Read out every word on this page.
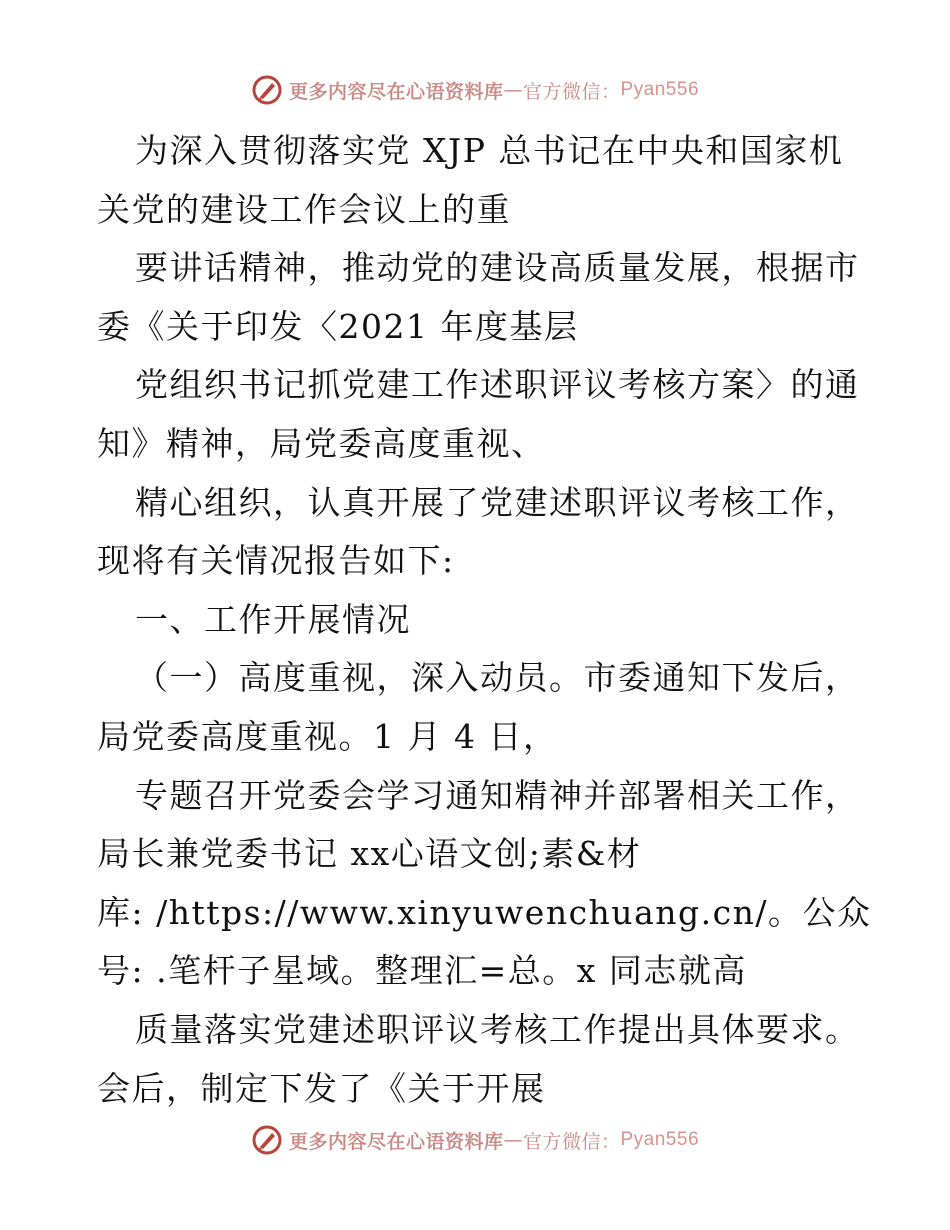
更多内容尽在心语资料库 — 官方微信： Pyan556
为深入贯彻落实党 XJP 总书记在中央和国家机
关党的建设工作会议上的重
要讲话精神，推动党的建设高质量发展，根据市
委《关于印发〈2021 年度基层
党组织书记抓党建工作述职评议考核方案〉的通
知》精神，局党委高度重视、
精心组织，认真开展了党建述职评议考核工作，
现将有关情况报告如下:
一、工作开展情况
（一）高度重视，深入动员。市委通知下发后，
局党委高度重视。1 月 4 日，
专题召开党委会学习通知精神并部署相关工作，
局长兼党委书记 xx心语文创;素&材
库: /https://www.xinyuwenchuang.cn/。公众
号: .笔杆子星域。整理汇=总。x 同志就高
质量落实党建述职评议考核工作提出具体要求。
会后，制定下发了《关于开展
更多内容尽在心语资料库 — 官方微信： Pyan556
